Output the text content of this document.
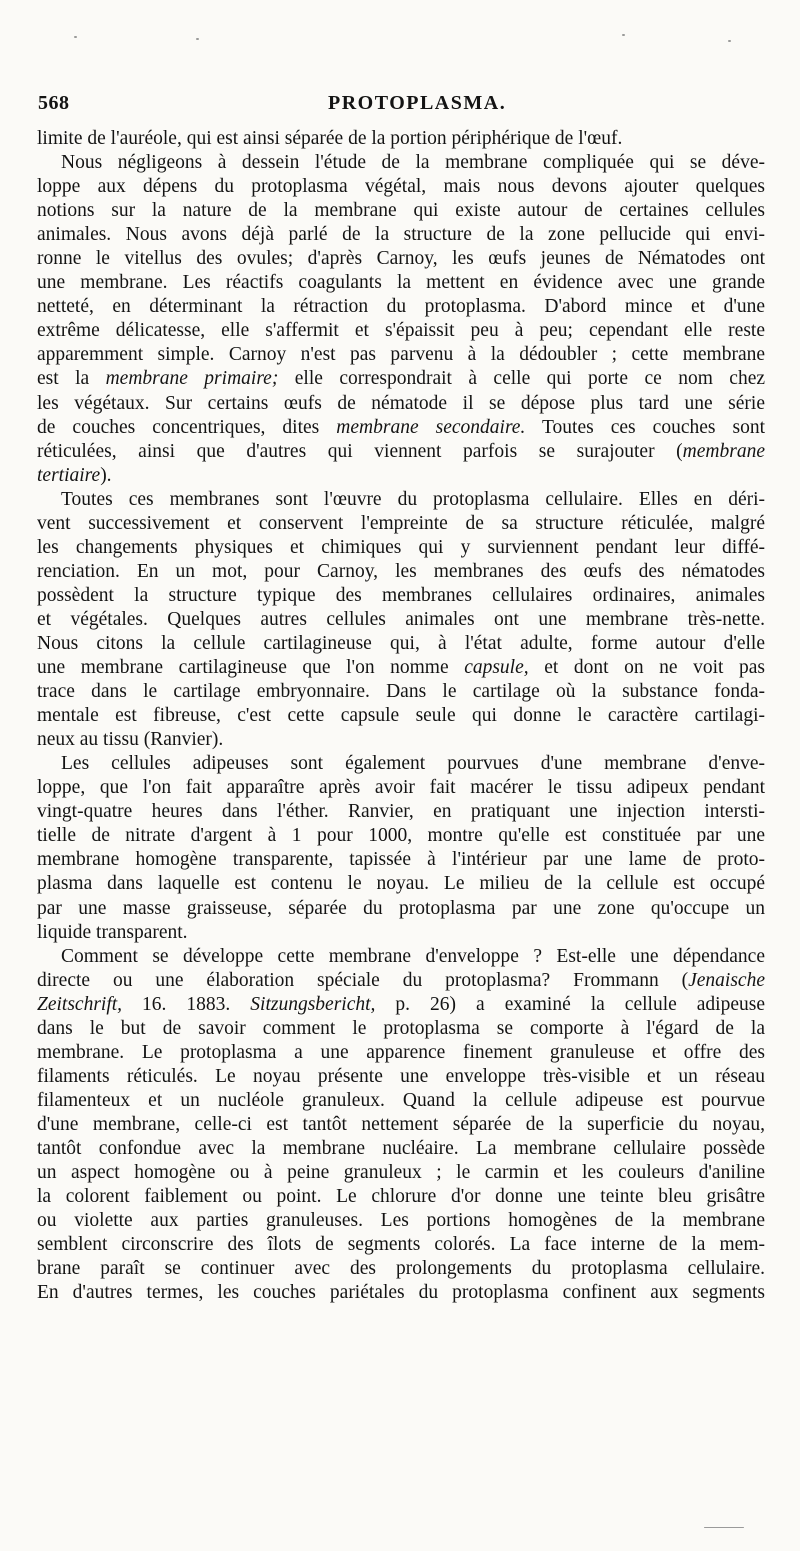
568	PROTOPLASMA.
limite de l'auréole, qui est ainsi séparée de la portion périphérique de l'œuf.
Nous négligeons à dessein l'étude de la membrane compliquée qui se déve-
loppe aux dépens du protoplasma végétal, mais nous devons ajouter quelques
notions sur la nature de la membrane qui existe autour de certaines cellules
animales. Nous avons déjà parlé de la structure de la zone pellucide qui envi-
ronne le vitellus des ovules; d'après Carnoy, les œufs jeunes de Nématodes ont
une membrane. Les réactifs coagulants la mettent en évidence avec une grande
netteté, en déterminant la rétraction du protoplasma. D'abord mince et d'une
extrême délicatesse, elle s'affermit et s'épaissit peu à peu; cependant elle reste
apparemment simple. Carnoy n'est pas parvenu à la dédoubler ; cette membrane
est la membrane primaire; elle correspondrait à celle qui porte ce nom chez
les végétaux. Sur certains œufs de nématode il se dépose plus tard une série
de couches concentriques, dites membrane secondaire. Toutes ces couches sont
réticulées, ainsi que d'autres qui viennent parfois se surajouter (membrane
tertiaire).
Toutes ces membranes sont l'œuvre du protoplasma cellulaire. Elles en déri-
vent successivement et conservent l'empreinte de sa structure réticulée, malgré
les changements physiques et chimiques qui y surviennent pendant leur diffé-
renciation. En un mot, pour Carnoy, les membranes des œufs des nématodes
possèdent la structure typique des membranes cellulaires ordinaires, animales
et végétales. Quelques autres cellules animales ont une membrane très-nette.
Nous citons la cellule cartilagineuse qui, à l'état adulte, forme autour d'elle
une membrane cartilagineuse que l'on nomme capsule, et dont on ne voit pas
trace dans le cartilage embryonnaire. Dans le cartilage où la substance fonda-
mentale est fibreuse, c'est cette capsule seule qui donne le caractère cartilagi-
neux au tissu (Ranvier).
Les cellules adipeuses sont également pourvues d'une membrane d'enve-
loppe, que l'on fait apparaître après avoir fait macérer le tissu adipeux pendant
vingt-quatre heures dans l'éther. Ranvier, en pratiquant une injection intersti-
tielle de nitrate d'argent à 1 pour 1000, montre qu'elle est constituée par une
membrane homogène transparente, tapissée à l'intérieur par une lame de proto-
plasma dans laquelle est contenu le noyau. Le milieu de la cellule est occupé
par une masse graisseuse, séparée du protoplasma par une zone qu'occupe un
liquide transparent.
Comment se développe cette membrane d'enveloppe ? Est-elle une dépendance
directe ou une élaboration spéciale du protoplasma? Frommann (Jenaische
Zeitschrift, 16. 1883. Sitzungsbericht, p. 26) a examiné la cellule adipeuse
dans le but de savoir comment le protoplasma se comporte à l'égard de la
membrane. Le protoplasma a une apparence finement granuleuse et offre des
filaments réticulés. Le noyau présente une enveloppe très-visible et un réseau
filamenteux et un nucléole granuleux. Quand la cellule adipeuse est pourvue
d'une membrane, celle-ci est tantôt nettement séparée de la superficie du noyau,
tantôt confondue avec la membrane nucléaire. La membrane cellulaire possède
un aspect homogène ou à peine granuleux ; le carmin et les couleurs d'aniline
la colorent faiblement ou point. Le chlorure d'or donne une teinte bleu grisâtre
ou violette aux parties granuleuses. Les portions homogènes de la membrane
semblent circonscrire des îlots de segments colorés. La face interne de la mem-
brane paraît se continuer avec des prolongements du protoplasma cellulaire.
En d'autres termes, les couches pariétales du protoplasma confinent aux segments
